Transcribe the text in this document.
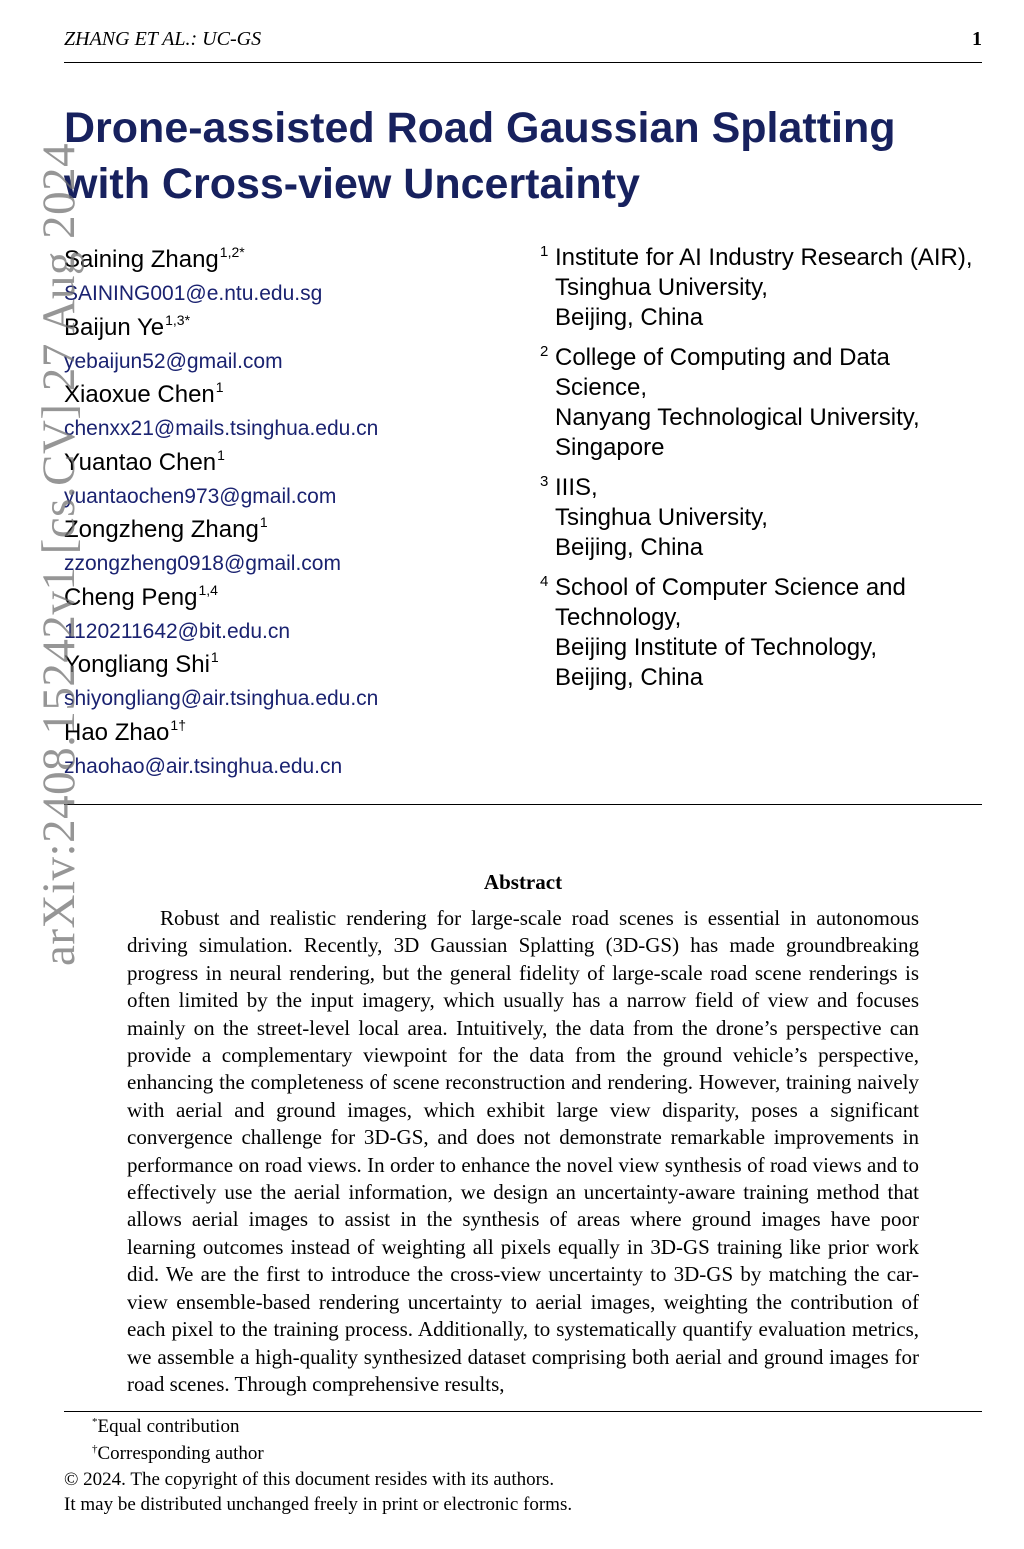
ZHANG ET AL.: UC-GS	1
Drone-assisted Road Gaussian Splatting
with Cross-view Uncertainty
Saining Zhang$^{1,2*}$
SAINING001@e.ntu.edu.sg
Baijun $Ye^{1,3*}$
yebaijun52@gmail.com
Xiaoxue Chen$^1$
chenxx21@mails.tsinghua.edu.cn
Yuantao Chen$^1$
yuantaochen973@gmail.com
Zongzheng Zhang$^1$
zzongzheng0918@gmail.com
Cheng Peng$^{1,4}$
1120211642@bit.edu.cn
Yongliang Shi$^1$
shiyongliang@air.tsinghua.edu.cn
Hao Zhao$^{1\dagger}$
zhaohao@air.tsinghua.edu.cn
1 Institute for AI Industry Research (AIR),
Tsinghua University,
Beijing, China
2 College of Computing and Data
Science,
Nanyang Technological University,
Singapore
3 IIIS,
Tsinghua University,
Beijing, China
4 School of Computer Science and
Technology,
Beijing Institute of Technology,
Beijing, China
arXiv:2408.15242v1 [cs.CV] 27 Aug 2024	Abstract

Robust and realistic rendering for large-scale road scenes is essential in autonomous driving simulation. Recently, 3D Gaussian Splatting (3D-GS) has made groundbreaking progress in neural rendering, but the general fidelity of large-scale road scene renderings is often limited by the input imagery, which usually has a narrow field of view and focuses mainly on the street-level local area. Intuitively, the data from the drone’s perspective can provide a complementary viewpoint for the data from the ground vehicle’s perspective, enhancing the completeness of scene reconstruction and rendering. However, training naively with aerial and ground images, which exhibit large view disparity, poses a significant convergence challenge for 3D-GS, and does not demonstrate remarkable improvements in performance on road views. In order to enhance the novel view synthesis of road views and to effectively use the aerial information, we design an uncertainty-aware training method that allows aerial images to assist in the synthesis of areas where ground images have poor learning outcomes instead of weighting all pixels equally in 3D-GS training like prior work did. We are the first to introduce the cross-view uncertainty to 3D-GS by matching the car-view ensemble-based rendering uncertainty to aerial images, weighting the contribution of each pixel to the training process. Additionally, to systematically quantify evaluation metrics, we assemble a high-quality synthesized dataset comprising both aerial and ground images for road scenes. Through comprehensive results,

*Equal contribution
†Corresponding author
© 2024. The copyright of this document resides with its authors.
It may be distributed unchanged freely in print or electronic forms.
